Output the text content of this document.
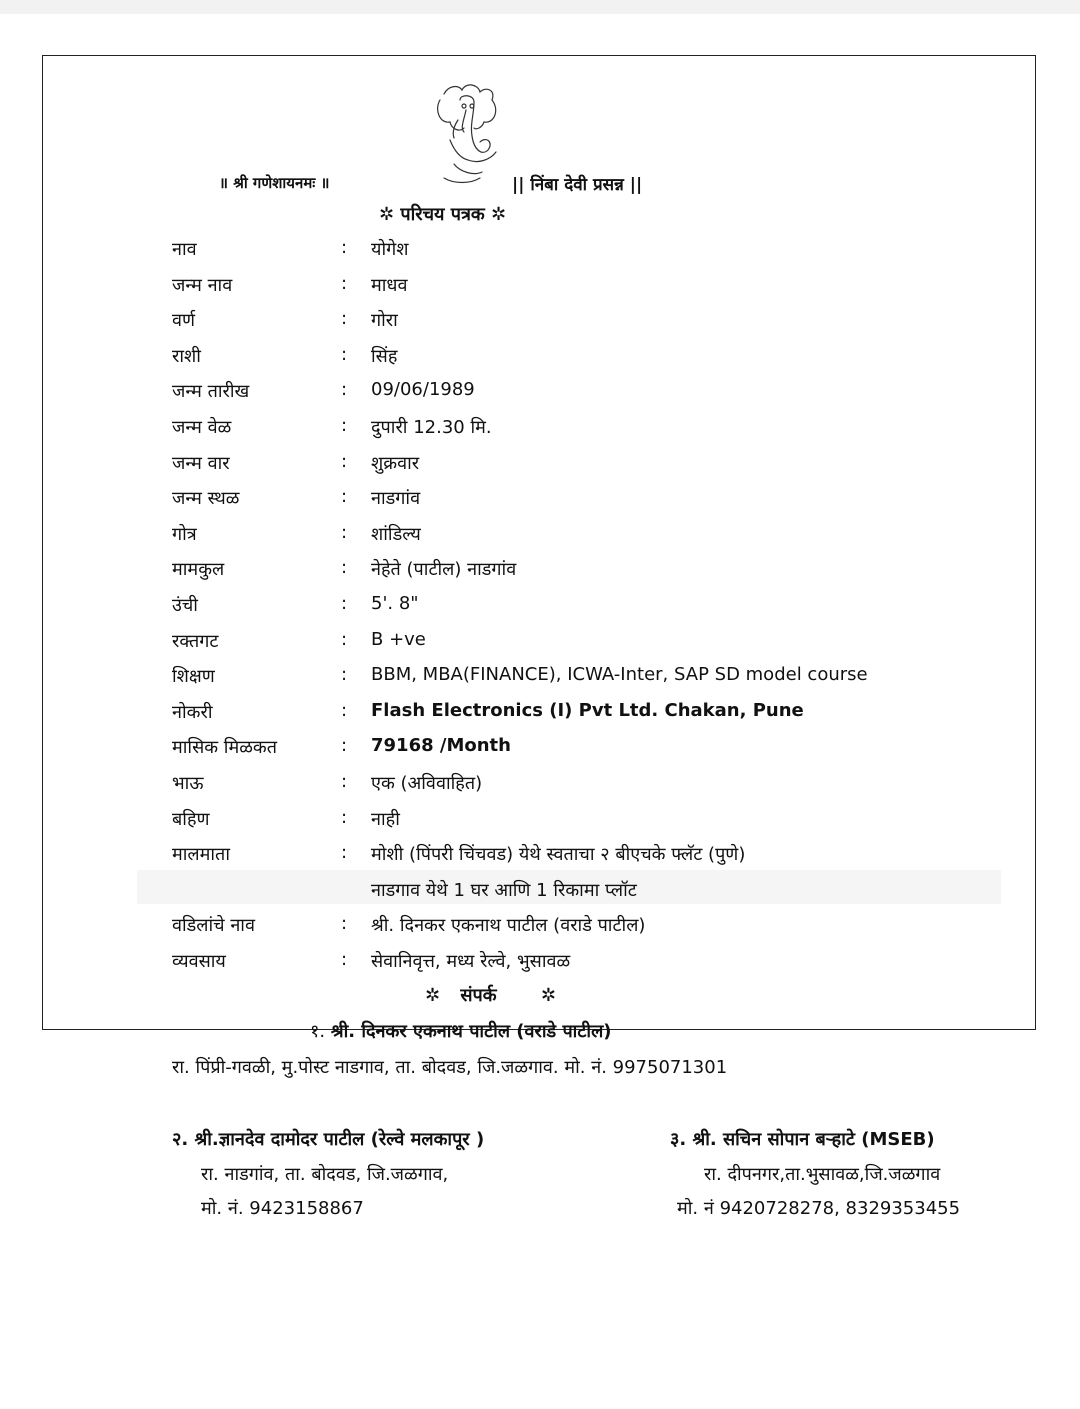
॥ श्री गणेशायनमः ॥	|| निंबा देवी प्रसन्न ||
✲ परिचय पत्रक ✲
नाव	: योगेश
जन्म नाव	: माधव
वर्ण	: गोरा
राशी	: सिंह
जन्म तारीख	: 09/06/1989
जन्म वेळ	: दुपारी 12.30 मि.
जन्म वार	: शुक्रवार
जन्म स्थळ	: नाडगांव
गोत्र	: शांडिल्य
मामकुल	: नेहेते (पाटील) नाडगांव
उंची	: 5'. 8"
रक्तगट	: B +ve
शिक्षण	: BBM, MBA(FINANCE), ICWA-Inter, SAP SD model course
नोकरी	: Flash Electronics (I) Pvt Ltd. Chakan, Pune
मासिक मिळकत	: 79168 /Month
भाऊ	: एक (अविवाहित)
बहिण	: नाही
मालमाता	: मोशी (पिंपरी चिंचवड) येथे स्वताचा २ बीएचके फ्लॅट (पुणे)
नाडगाव येथे 1 घर आणि 1 रिकामा प्लॉट
वडिलांचे नाव	: श्री. दिनकर एकनाथ पाटील (वराडे पाटील)
व्यवसाय	: सेवानिवृत्त, मध्य रेल्वे, भुसावळ
✲ संपर्क ✲
१. श्री. दिनकर एकनाथ पाटील (वराडे पाटील)
रा. पिंप्री-गवळी, मु.पोस्ट नाडगाव, ता. बोदवड, जि.जळगाव. मो. नं. 9975071301
२. श्री.ज्ञानदेव दामोदर पाटील (रेल्वे मलकापूर )
रा. नाडगांव, ता. बोदवड, जि.जळगाव,
मो. नं. 9423158867
३. श्री. सचिन सोपान बऱ्हाटे (MSEB)
रा. दीपनगर,ता.भुसावळ,जि.जळगाव
मो. नं 9420728278, 8329353455
